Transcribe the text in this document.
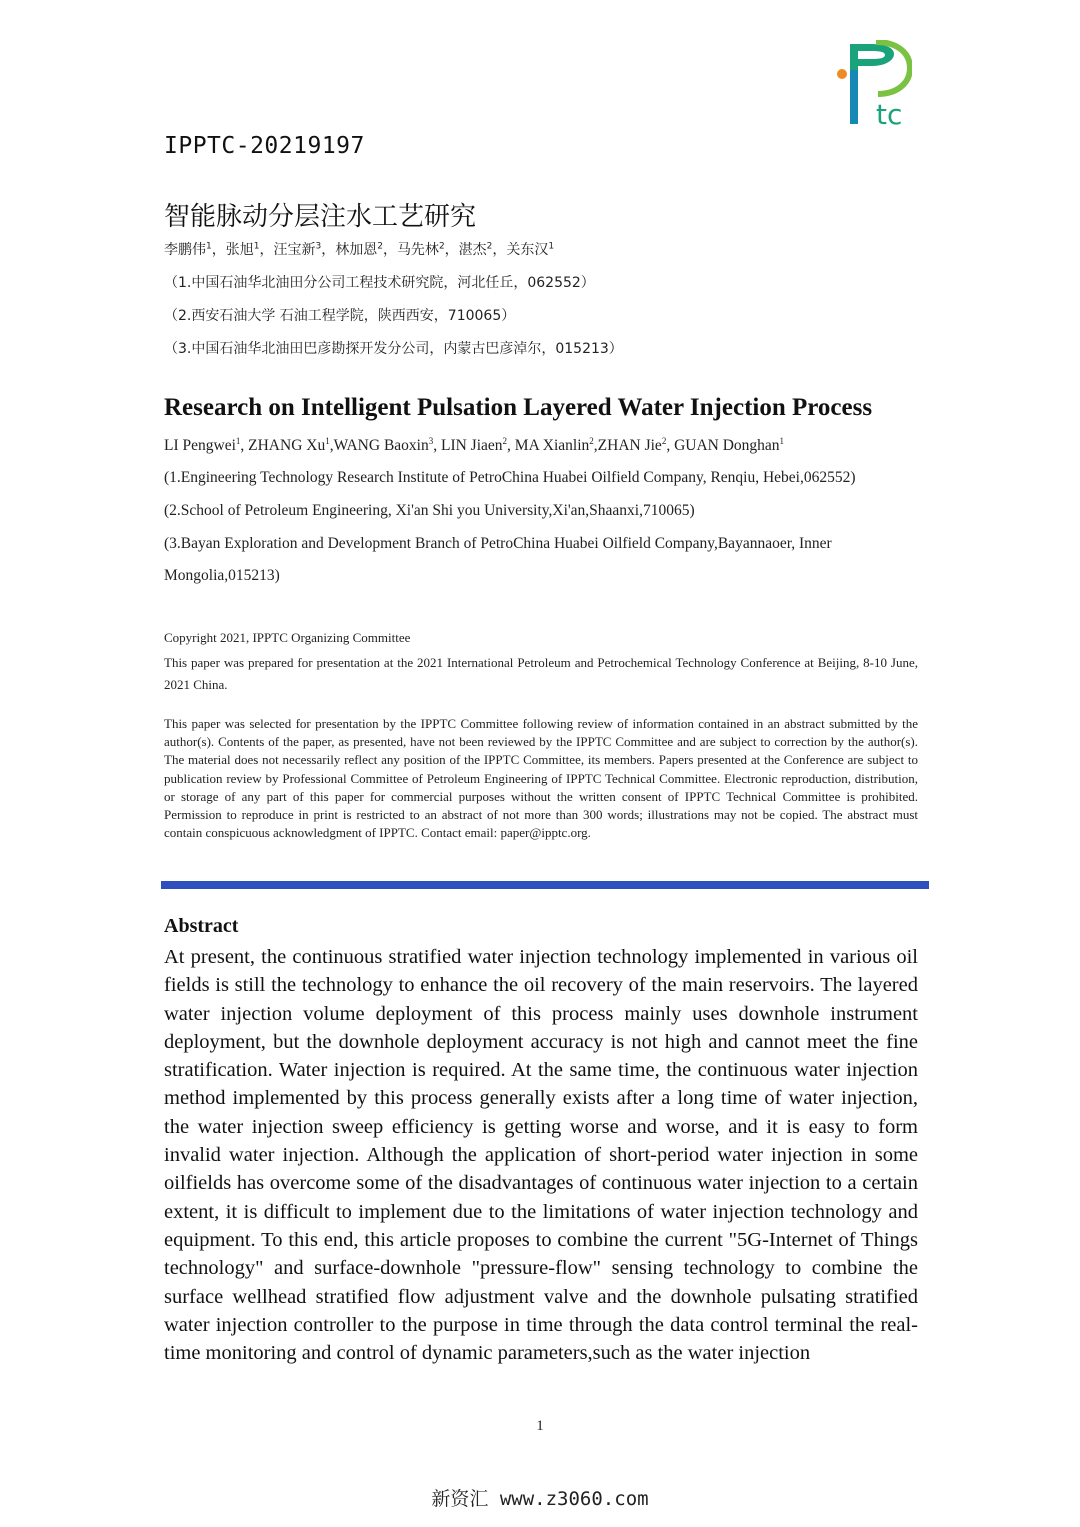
tc
IPPTC-20219197
智能脉动分层注水工艺研究
李鹏伟$^1$，张旭$^1$，汪宝新$^3$，林加恩$^2$，马先林$^2$，湛杰$^2$，关东汉$^1$
（1.中国石油华北油田分公司工程技术研究院，河北任丘，062552）
（2.西安石油大学 石油工程学院，陕西西安，710065）
（3.中国石油华北油田巴彦勘探开发分公司，内蒙古巴彦淖尔，015213）
Research on Intelligent Pulsation Layered Water Injection Process
LI Pengwei$^1$, ZHANG Xu$^1$,WANG Baoxin$^3$, LIN Jiaen$^2$, MA Xianlin$^2$,ZHAN Jie$^2$, GUAN Donghan$^1$
(1.Engineering Technology Research Institute of PetroChina Huabei Oilfield Company, Renqiu, Hebei,062552)
(2.School of Petroleum Engineering, Xi'an Shi you University,Xi'an,Shaanxi,710065)
(3.Bayan Exploration and Development Branch of PetroChina Huabei Oilfield Company,Bayannaoer, Inner
Mongolia,015213)
Copyright 2021, IPPTC Organizing Committee
This paper was prepared for presentation at the 2021 International Petroleum and Petrochemical Technology Conference at Beijing, 8-10 June, 2021 China.
This paper was selected for presentation by the IPPTC Committee following review of information contained in an abstract submitted by the author(s). Contents of the paper, as presented, have not been reviewed by the IPPTC Committee and are subject to correction by the author(s). The material does not necessarily reflect any position of the IPPTC Committee, its members. Papers presented at the Conference are subject to publication review by Professional Committee of Petroleum Engineering of IPPTC Technical Committee. Electronic reproduction, distribution, or storage of any part of this paper for commercial purposes without the written consent of IPPTC Technical Committee is prohibited. Permission to reproduce in print is restricted to an abstract of not more than 300 words; illustrations may not be copied. The abstract must contain conspicuous acknowledgment of IPPTC. Contact email: paper@ipptc.org.
Abstract
At present, the continuous stratified water injection technology implemented in various oil fields is still the technology to enhance the oil recovery of the main reservoirs. The layered water injection volume deployment of this process mainly uses downhole instrument deployment, but the downhole deployment accuracy is not high and cannot meet the fine stratification. Water injection is required. At the same time, the continuous water injection method implemented by this process generally exists after a long time of water injection, the water injection sweep efficiency is getting worse and worse, and it is easy to form invalid water injection. Although the application of short-period water injection in some oilfields has overcome some of the disadvantages of continuous water injection to a certain extent, it is difficult to implement due to the limitations of water injection technology and equipment. To this end, this article proposes to combine the current "5G-Internet of Things technology" and surface-downhole "pressure-flow" sensing technology to combine the surface wellhead stratified flow adjustment valve and the downhole pulsating stratified water injection controller to the purpose in time through the data control terminal the real-time monitoring and control of dynamic parameters,such as the water injection
1
新资汇 www.z3060.com
